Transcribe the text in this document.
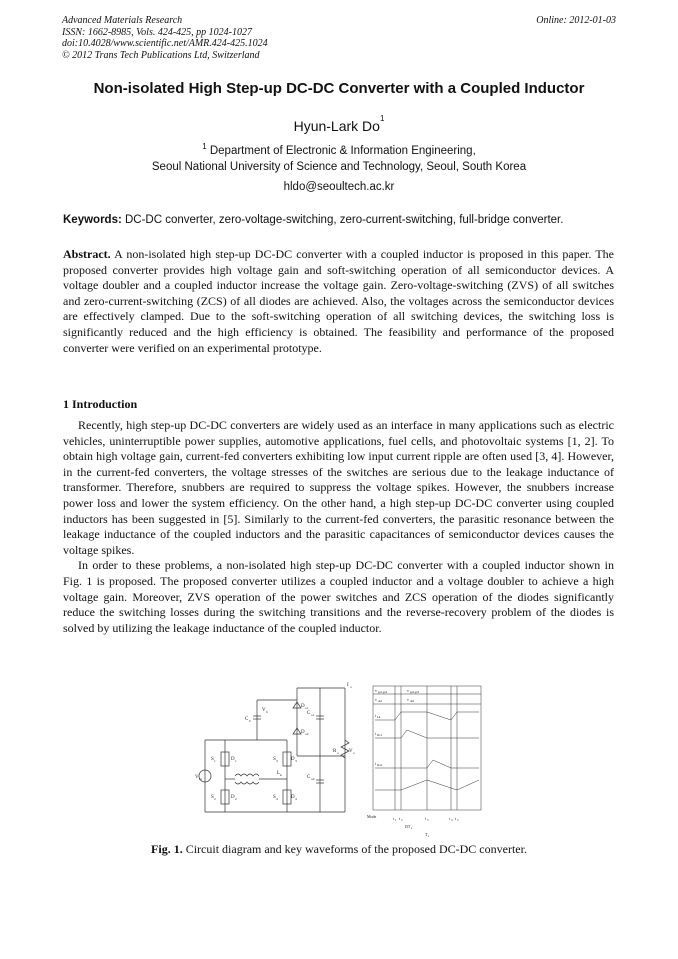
Advanced Materials Research
ISSN: 1662-8985, Vols. 424-425, pp 1024-1027
doi:10.4028/www.scientific.net/AMR.424-425.1024
© 2012 Trans Tech Publications Ltd, Switzerland
Online: 2012-01-03
Non-isolated High Step-up DC-DC Converter with a Coupled Inductor
Hyun-Lark Do$^1$
$^1$ Department of Electronic & Information Engineering,
Seoul National University of Science and Technology, Seoul, South Korea
hldo@seoultech.ac.kr
Keywords: DC-DC converter, zero-voltage-switching, zero-current-switching, full-bridge converter.
Abstract. A non-isolated high step-up DC-DC converter with a coupled inductor is proposed in this paper. The proposed converter provides high voltage gain and soft-switching operation of all semiconductor devices. A voltage doubler and a coupled inductor increase the voltage gain. Zero-voltage-switching (ZVS) of all switches and zero-current-switching (ZCS) of all diodes are achieved. Also, the voltages across the semiconductor devices are effectively clamped. Due to the soft-switching operation of all switching devices, the switching loss is significantly reduced and the high efficiency is obtained. The feasibility and performance of the proposed converter were verified on an experimental prototype.
1 Introduction

Recently, high step-up DC-DC converters are widely used as an interface in many applications such as electric vehicles, uninterruptible power supplies, automotive applications, fuel cells, and photovoltaic systems [1, 2]. To obtain high voltage gain, current-fed converters exhibiting low input current ripple are often used [3, 4]. However, in the current-fed converters, the voltage stresses of the switches are serious due to the leakage inductance of transformer. Therefore, snubbers are required to suppress the voltage spikes. However, the snubbers increase power loss and lower the system efficiency. On the other hand, a high step-up DC-DC converter using coupled inductors has been suggested in [5]. Similarly to the current-fed converters, the parasitic resonance between the leakage inductance of the coupled inductors and the parasitic capacitances of semiconductor devices causes the voltage spikes.

In order to these problems, a non-isolated high step-up DC-DC converter with a coupled inductor shown in Fig. 1 is proposed. The proposed converter utilizes a coupled inductor and a voltage doubler to achieve a high voltage gain. Moreover, ZVS operation of the power switches and ZCS operation of the diodes significantly reduce the switching losses during the switching transitions and the reverse-recovery problem of the diodes is solved by utilizing the leakage inductance of the coupled inductor.

V in
S 1
S 2
S 3
S 4
D 1
D 2
D 3
D 4
D o1
D o2
C b
V b	C o1
C o2
L k
R o V o
I o
v gs1,gs4	v gs2,gs3
v ds1	v ds2
i Lk
i Do1
i Do2
Mode	t 1 t 2	t 3	t 4 t 5
DT s
T s
Fig. 1. Circuit diagram and key waveforms of the proposed DC-DC converter.
